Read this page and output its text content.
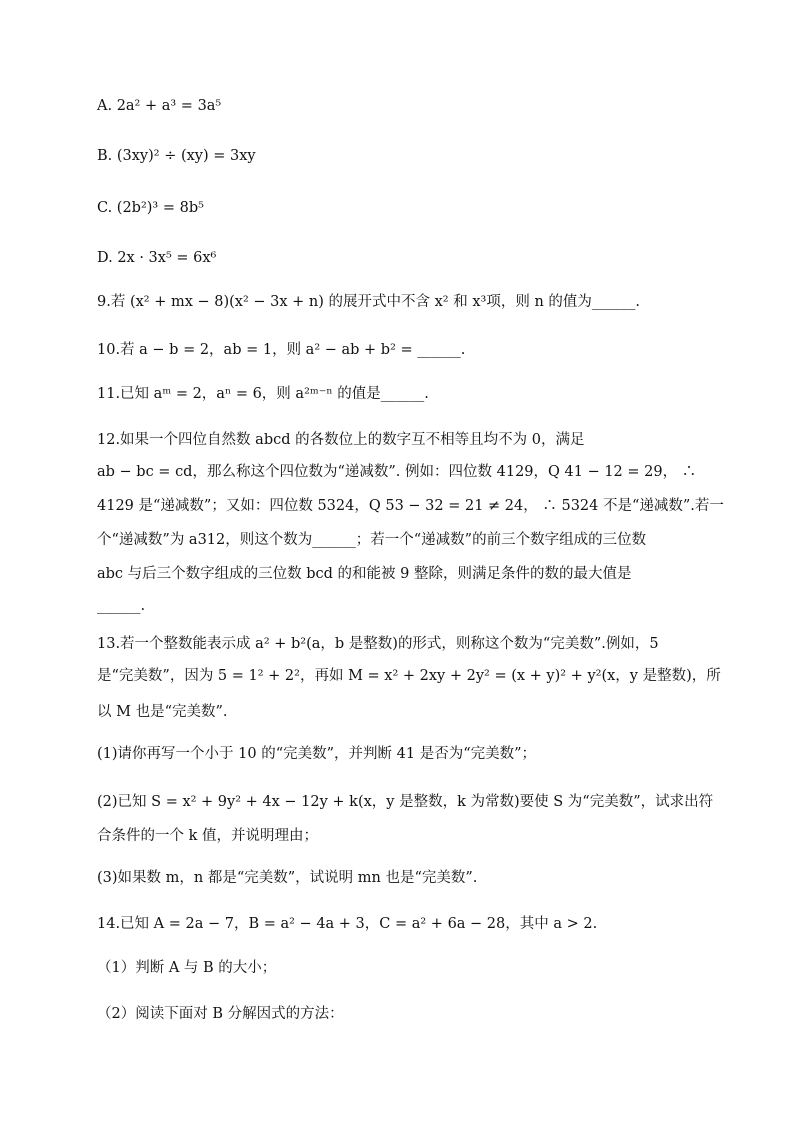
A. 2a² + a³ = 3a⁵
B. (3xy)² ÷ (xy) = 3xy
C. (2b²)³ = 8b⁵
D. 2x · 3x⁵ = 6x⁶
9.若 (x² + mx − 8)(x² − 3x + n) 的展开式中不含 x² 和 x³项，则 n 的值为______.
10.若 a − b = 2，ab = 1，则 a² − ab + b² = ______.
11.已知 aᵐ = 2，aⁿ = 6，则 a²ᵐ⁻ⁿ 的值是______.
12.如果一个四位自然数 abcd 的各数位上的数字互不相等且均不为 0，满足
ab − bc = cd，那么称这个四位数为“递减数”. 例如：四位数 4129，Q 41 − 12 = 29， ∴
4129 是“递减数”；又如：四位数 5324，Q 53 − 32 = 21 ≠ 24， ∴ 5324 不是“递减数”.若一
个“递减数”为 a312，则这个数为______；若一个“递减数”的前三个数字组成的三位数
abc 与后三个数字组成的三位数 bcd 的和能被 9 整除，则满足条件的数的最大值是
______.
13.若一个整数能表示成 a² + b²(a，b 是整数)的形式，则称这个数为“完美数”.例如，5
是“完美数”，因为 5 = 1² + 2²，再如 M = x² + 2xy + 2y² = (x + y)² + y²(x，y 是整数)，所
以 M 也是“完美数”.
(1)请你再写一个小于 10 的“完美数”，并判断 41 是否为“完美数”；
(2)已知 S = x² + 9y² + 4x − 12y + k(x，y 是整数，k 为常数)要使 S 为“完美数”，试求出符
合条件的一个 k 值，并说明理由；
(3)如果数 m，n 都是“完美数”，试说明 mn 也是“完美数”.
14.已知 A = 2a − 7，B = a² − 4a + 3，C = a² + 6a − 28，其中 a > 2.
（1）判断 A 与 B 的大小；
（2）阅读下面对 B 分解因式的方法：
